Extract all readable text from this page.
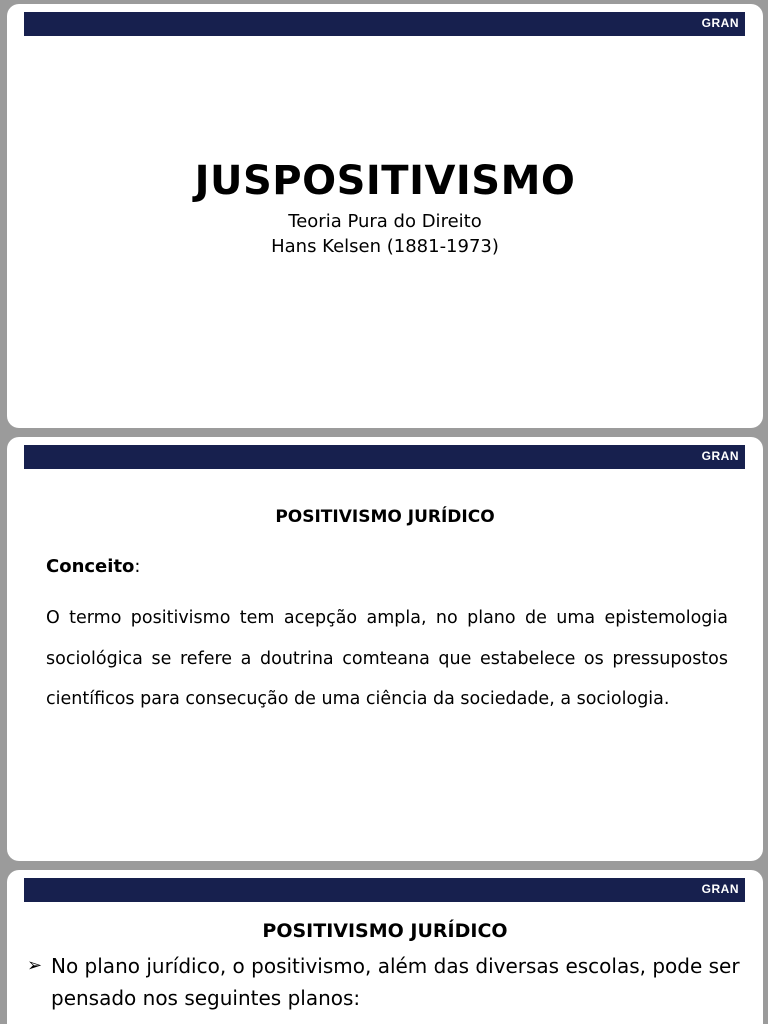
GRAN
JUSPOSITIVISMO
Teoria Pura do Direito
Hans Kelsen (1881-1973)
GRAN
POSITIVISMO JURÍDICO
Conceito:
O termo positivismo tem acepção ampla, no plano de uma epistemologia sociológica se refere a doutrina comteana que estabelece os pressupostos científicos para consecução de uma ciência da sociedade, a sociologia.
GRAN
POSITIVISMO JURÍDICO
➢ No plano jurídico, o positivismo, além das diversas escolas, pode ser pensado nos seguintes planos:
